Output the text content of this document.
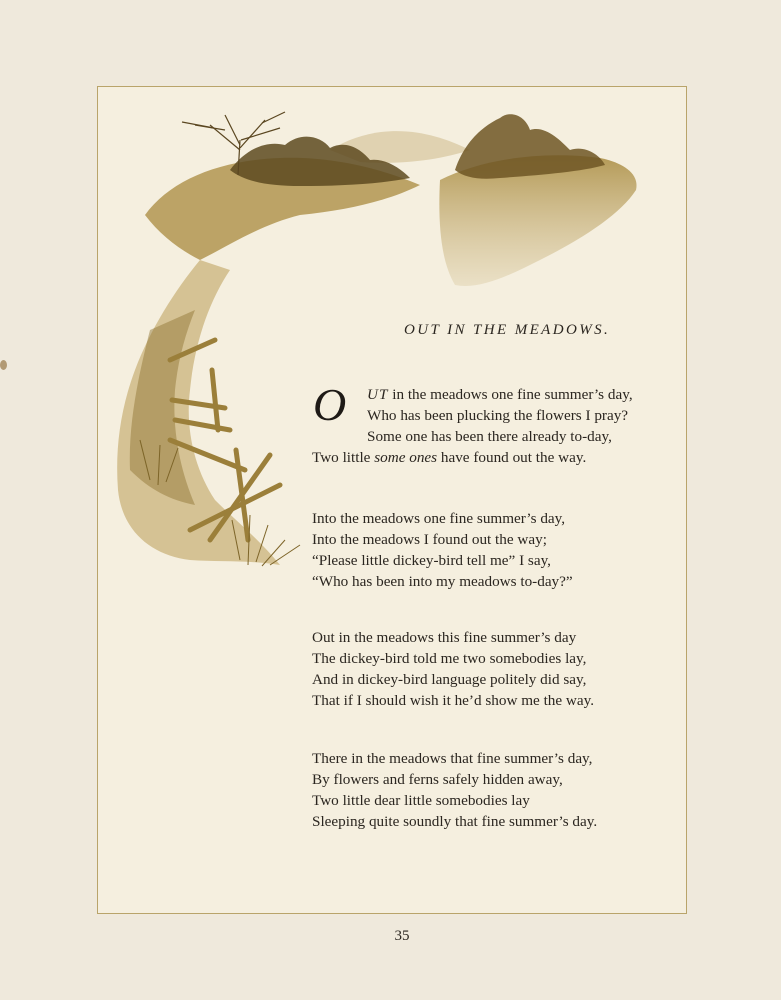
OUT IN THE MEADOWS.
O	UT in the meadows one fine summer’s day,
Who has been plucking the flowers I pray?
Some one has been there already to-day,
Two little some ones have found out the way.
Into the meadows one fine summer’s day,
Into the meadows I found out the way;
“Please little dickey-bird tell me” I say,
“Who has been into my meadows to-day?”
Out in the meadows this fine summer’s day
The dickey-bird told me two somebodies lay,
And in dickey-bird language politely did say,
That if I should wish it he’d show me the way.
There in the meadows that fine summer’s day,
By flowers and ferns safely hidden away,
Two little dear little somebodies lay
Sleeping quite soundly that fine summer’s day.
35
